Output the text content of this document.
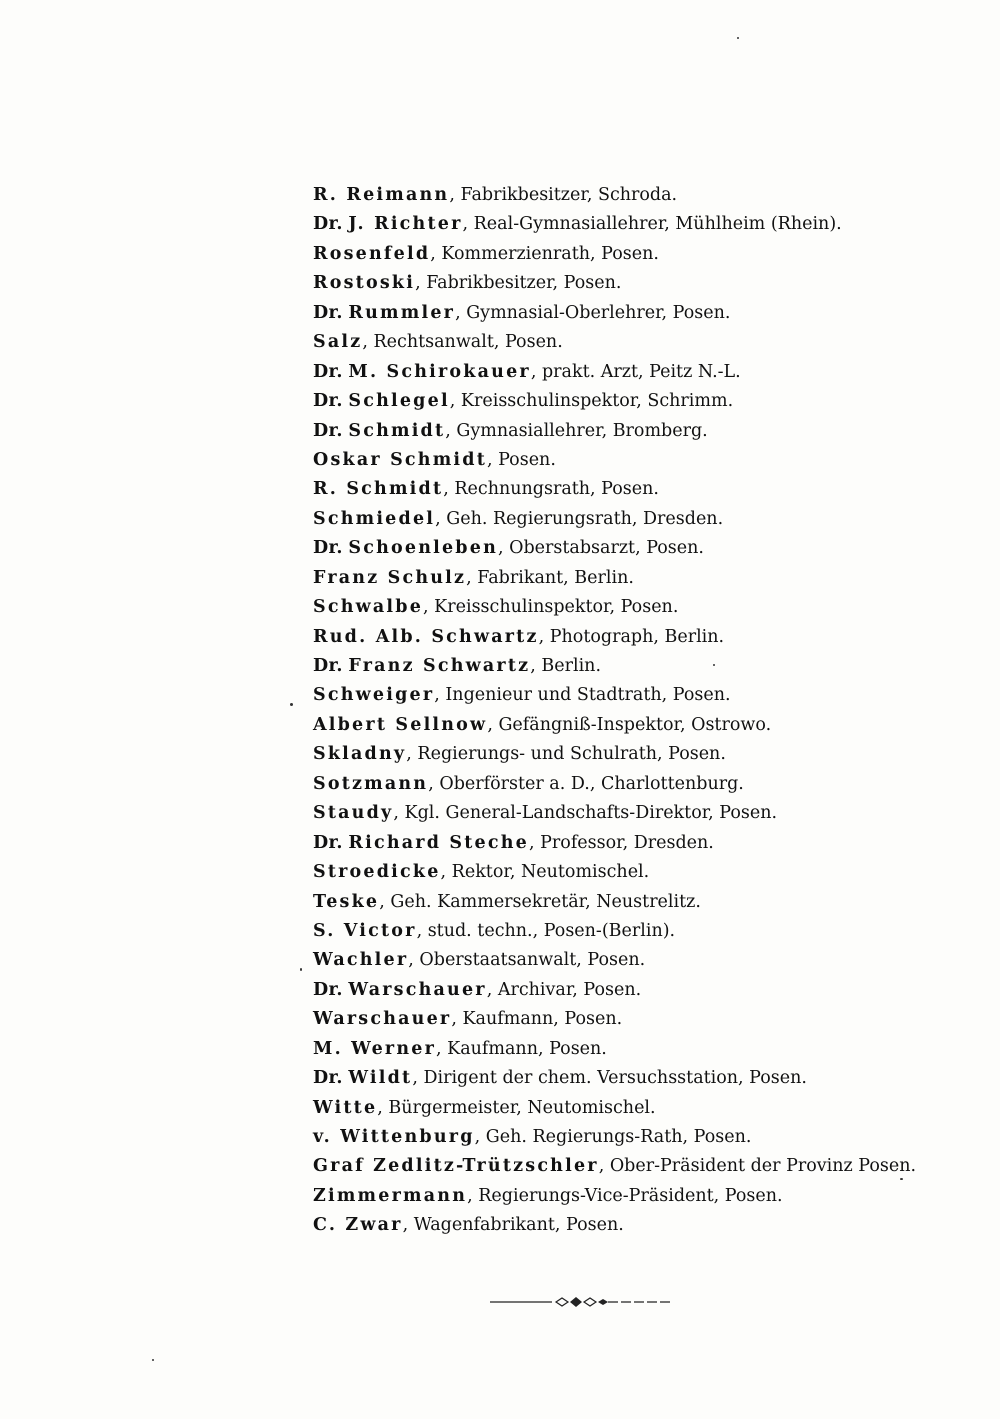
R. Reimann, Fabrikbesitzer, Schroda.
Dr. J. Richter, Real-Gymnasiallehrer, Mühlheim (Rhein).
Rosenfeld, Kommerzienrath, Posen.
Rostoski, Fabrikbesitzer, Posen.
Dr. Rummler, Gymnasial-Oberlehrer, Posen.
Salz, Rechtsanwalt, Posen.
Dr. M. Schirokauer, prakt. Arzt, Peitz N.-L.
Dr. Schlegel, Kreisschulinspektor, Schrimm.
Dr. Schmidt, Gymnasiallehrer, Bromberg.
Oskar Schmidt, Posen.
R. Schmidt, Rechnungsrath, Posen.
Schmiedel, Geh. Regierungsrath, Dresden.
Dr. Schoenleben, Oberstabsarzt, Posen.
Franz Schulz, Fabrikant, Berlin.
Schwalbe, Kreisschulinspektor, Posen.
Rud. Alb. Schwartz, Photograph, Berlin.
Dr. Franz Schwartz, Berlin.
Schweiger, Ingenieur und Stadtrath, Posen.
Albert Sellnow, Gefängniß-Inspektor, Ostrowo.
Skladny, Regierungs- und Schulrath, Posen.
Sotzmann, Oberförster a. D., Charlottenburg.
Staudy, Kgl. General-Landschafts-Direktor, Posen.
Dr. Richard Steche, Professor, Dresden.
Stroedicke, Rektor, Neutomischel.
Teske, Geh. Kammersekretär, Neustrelitz.
S. Victor, stud. techn., Posen-(Berlin).
Wachler, Oberstaatsanwalt, Posen.
Dr. Warschauer, Archivar, Posen.
Warschauer, Kaufmann, Posen.
M. Werner, Kaufmann, Posen.
Dr. Wildt, Dirigent der chem. Versuchsstation, Posen.
Witte, Bürgermeister, Neutomischel.
v. Wittenburg, Geh. Regierungs-Rath, Posen.
Graf Zedlitz-Trützschler, Ober-Präsident der Provinz Posen.
Zimmermann, Regierungs-Vice-Präsident, Posen.
C. Zwar, Wagenfabrikant, Posen.
